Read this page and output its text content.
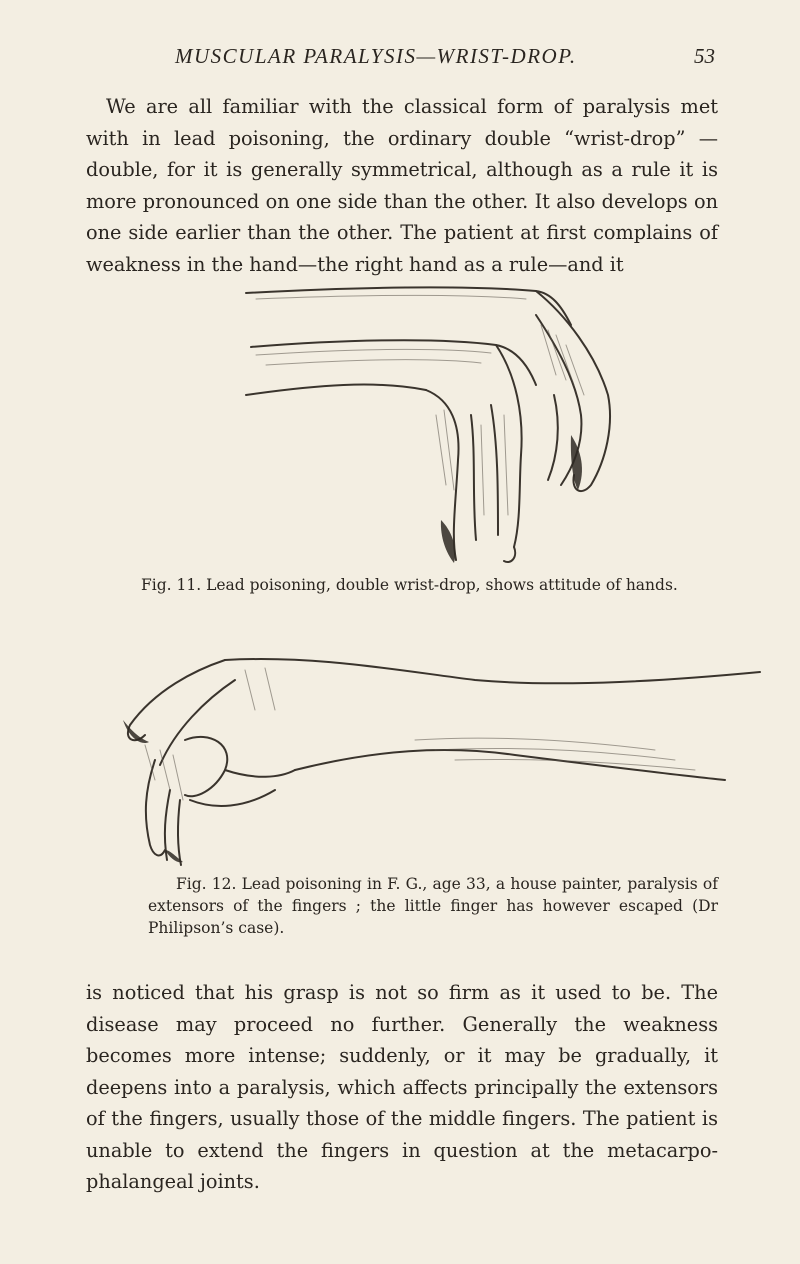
MUSCULAR PARALYSIS—WRIST-DROP.	53

We are all familiar with the classical form of paralysis met with in lead poisoning, the ordinary double “wrist-drop” —double, for it is generally symmetrical, although as a rule it is more pronounced on one side than the other. It also develops on one side earlier than the other. The patient at first complains of weakness in the hand—the right hand as a rule—and it

Fig. 11. Lead poisoning, double wrist-drop, shows attitude of hands.

Fig. 12. Lead poisoning in F. G., age 33, a house painter, paralysis of extensors of the fingers ; the little finger has however escaped (Dr Philipson’s case).

is noticed that his grasp is not so firm as it used to be. The disease may proceed no further. Generally the weakness becomes more intense; suddenly, or it may be gradually, it deepens into a paralysis, which affects principally the extensors of the fingers, usually those of the middle fingers. The patient is unable to extend the fingers in question at the metacarpo-phalangeal joints.
